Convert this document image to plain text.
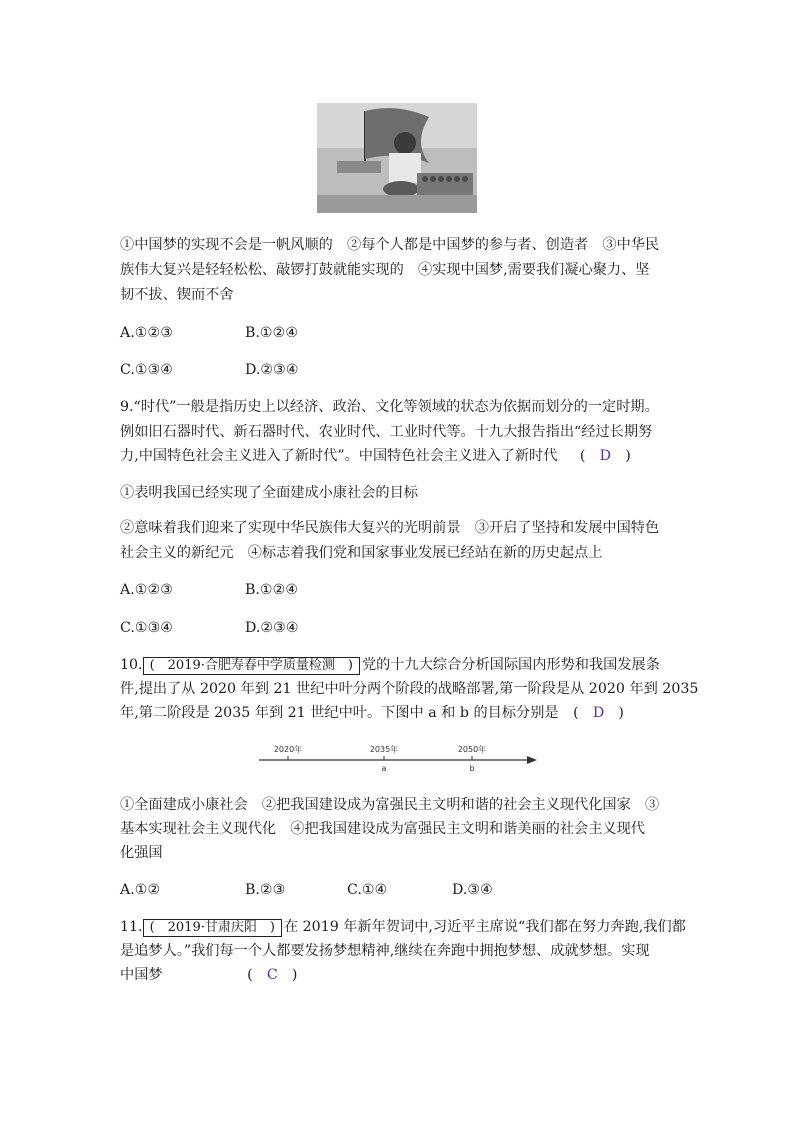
①中国梦的实现不会是一帆风顺的　②每个人都是中国梦的参与者、创造者　③中华民
族伟大复兴是轻轻松松、敲锣打鼓就能实现的　④实现中国梦,需要我们凝心聚力、坚
韧不拔、锲而不舍
A.①②③	B.①②④
C.①③④	D.②③④
9.“时代”一般是指历史上以经济、政治、文化等领域的状态为依据而划分的一定时期。
例如旧石器时代、新石器时代、农业时代、工业时代等。十九大报告指出“经过长期努
力,中国特色社会主义进入了新时代”。中国特色社会主义进入了新时代 (　D　)
①表明我国已经实现了全面建成小康社会的目标
②意味着我们迎来了实现中华民族伟大复兴的光明前景　③开启了坚持和发展中国特色
社会主义的新纪元　④标志着我们党和国家事业发展已经站在新的历史起点上
A.①②③	B.①②④
C.①③④	D.②③④
10. (　2019·合肥寿春中学质量检测　) 党的十九大综合分析国际国内形势和我国发展条
件,提出了从 2020 年到 21 世纪中叶分两个阶段的战略部署,第一阶段是从 2020 年到 2035
年,第二阶段是 2035 年到 21 世纪中叶。下图中 a 和 b 的目标分别是 (　D　)
2020年	2035年	2050年
a	b
①全面建成小康社会　②把我国建设成为富强民主文明和谐的社会主义现代化国家　③
基本实现社会主义现代化　④把我国建设成为富强民主文明和谐美丽的社会主义现代
化强国
A.①②	B.②③	C.①④	D.③④
11. (　2019·甘肃庆阳　) 在 2019 年新年贺词中,习近平主席说“我们都在努力奔跑,我们都
是追梦人。”我们每一个人都要发扬梦想精神,继续在奔跑中拥抱梦想、成就梦想。实现
中国梦	(　C　)
